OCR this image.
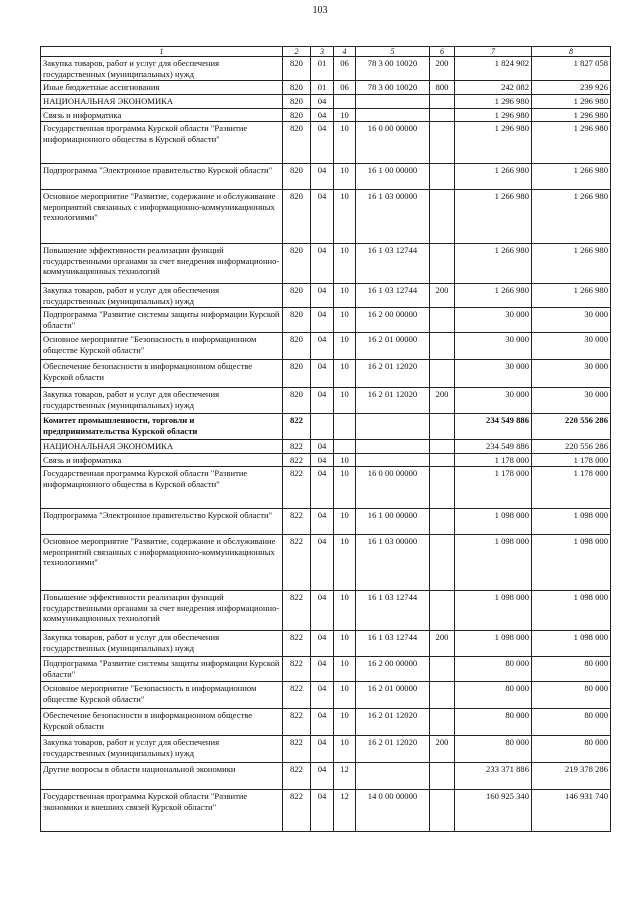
103
1	2	3	4	5	6	7	8
Закупка товаров, работ и услуг для обеспечения государственных (муниципальных) нужд	820	01	06	78 3 00 10020	200	1 824 902	1 827 058
Иные бюджетные ассигнования	820	01	06	78 3 00 10020	800	242 082	239 926
НАЦИОНАЛЬНАЯ ЭКОНОМИКА	820	04				1 296 980	1 296 980
Связь и информатика	820	04	10			1 296 980	1 296 980
Государственная программа Курской области "Развитие информационного общества в Курской области"	820	04	10	16 0 00 00000		1 296 980	1 296 980
Подпрограмма "Электронное правительство Курской области"	820	04	10	16 1 00 00000		1 266 980	1 266 980
Основное мероприятие "Развитие, содержание и обслуживание мероприятий связанных с информационно-коммуникационных технологиями"	820	04	10	16 1 03 00000		1 266 980	1 266 980
Повышение эффективности реализации функций государственными органами за счет внедрения информационно-коммуникационных технологий	820	04	10	16 1 03 12744		1 266 980	1 266 980
Закупка товаров, работ и услуг для обеспечения государственных (муниципальных) нужд	820	04	10	16 1 03 12744	200	1 266 980	1 266 980
Подпрограмма "Развитие системы защиты информации Курской области"	820	04	10	16 2 00 00000		30 000	30 000
Основное мероприятие "Безопасность в информационном обществе Курской области"	820	04	10	16 2 01 00000		30 000	30 000
Обеспечение безопасности в информационном обществе Курской области	820	04	10	16 2 01 12020		30 000	30 000
Закупка товаров, работ и услуг для обеспечения государственных (муниципальных) нужд	820	04	10	16 2 01 12020	200	30 000	30 000
Комитет промышленности, торговли и предпринимательства Курской области	822					234 549 886	220 556 286
НАЦИОНАЛЬНАЯ ЭКОНОМИКА	822	04				234 549 886	220 556 286
Связь и информатика	822	04	10			1 178 000	1 178 000
Государственная программа Курской области "Развитие информационного общества в Курской области"	822	04	10	16 0 00 00000		1 178 000	1 178 000
Подпрограмма "Электронное правительство Курской области"	822	04	10	16 1 00 00000		1 098 000	1 098 000
Основное мероприятие "Развитие, содержание и обслуживание мероприятий связанных с информационно-коммуникационных технологиями"	822	04	10	16 1 03 00000		1 098 000	1 098 000
Повышение эффективности реализации функций государственными органами за счет внедрения информационно-коммуникационных технологий	822	04	10	16 1 03 12744		1 098 000	1 098 000
Закупка товаров, работ и услуг для обеспечения государственных (муниципальных) нужд	822	04	10	16 1 03 12744	200	1 098 000	1 098 000
Подпрограмма "Развитие системы защиты информации Курской области"	822	04	10	16 2 00 00000		80 000	80 000
Основное мероприятие "Безопасность в информационном обществе Курской области"	822	04	10	16 2 01 00000		80 000	80 000
Обеспечение безопасности в информационном обществе Курской области	822	04	10	16 2 01 12020		80 000	80 000
Закупка товаров, работ и услуг для обеспечения государственных (муниципальных) нужд	822	04	10	16 2 01 12020	200	80 000	80 000
Другие вопросы в области национальной экономики	822	04	12			233 371 886	219 378 286
Государственная программа Курской области "Развитие экономики и внешних связей Курской области"	822	04	12	14 0 00 00000		160 925 340	146 931 740
